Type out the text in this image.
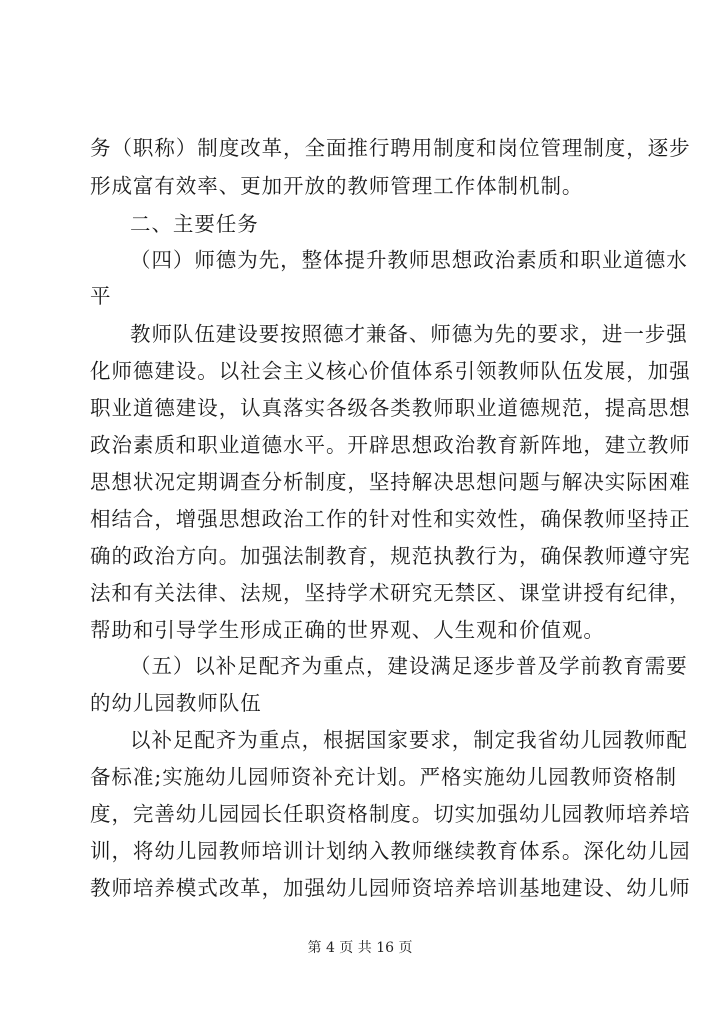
务（职称）制度改革，全面推行聘用制度和岗位管理制度，逐步
形成富有效率、更加开放的教师管理工作体制机制。
二、主要任务
（四）师德为先，整体提升教师思想政治素质和职业道德水
平
教师队伍建设要按照德才兼备、师德为先的要求，进一步强
化师德建设。以社会主义核心价值体系引领教师队伍发展，加强
职业道德建设，认真落实各级各类教师职业道德规范，提高思想
政治素质和职业道德水平。开辟思想政治教育新阵地，建立教师
思想状况定期调查分析制度，坚持解决思想问题与解决实际困难
相结合，增强思想政治工作的针对性和实效性，确保教师坚持正
确的政治方向。加强法制教育，规范执教行为，确保教师遵守宪
法和有关法律、法规，坚持学术研究无禁区、课堂讲授有纪律，
帮助和引导学生形成正确的世界观、人生观和价值观。
（五）以补足配齐为重点，建设满足逐步普及学前教育需要
的幼儿园教师队伍
以补足配齐为重点，根据国家要求，制定我省幼儿园教师配
备标准;实施幼儿园师资补充计划。严格实施幼儿园教师资格制
度，完善幼儿园园长任职资格制度。切实加强幼儿园教师培养培
训，将幼儿园教师培训计划纳入教师继续教育体系。深化幼儿园
教师培养模式改革，加强幼儿园师资培养培训基地建设、幼儿师
第 4 页 共 16 页
